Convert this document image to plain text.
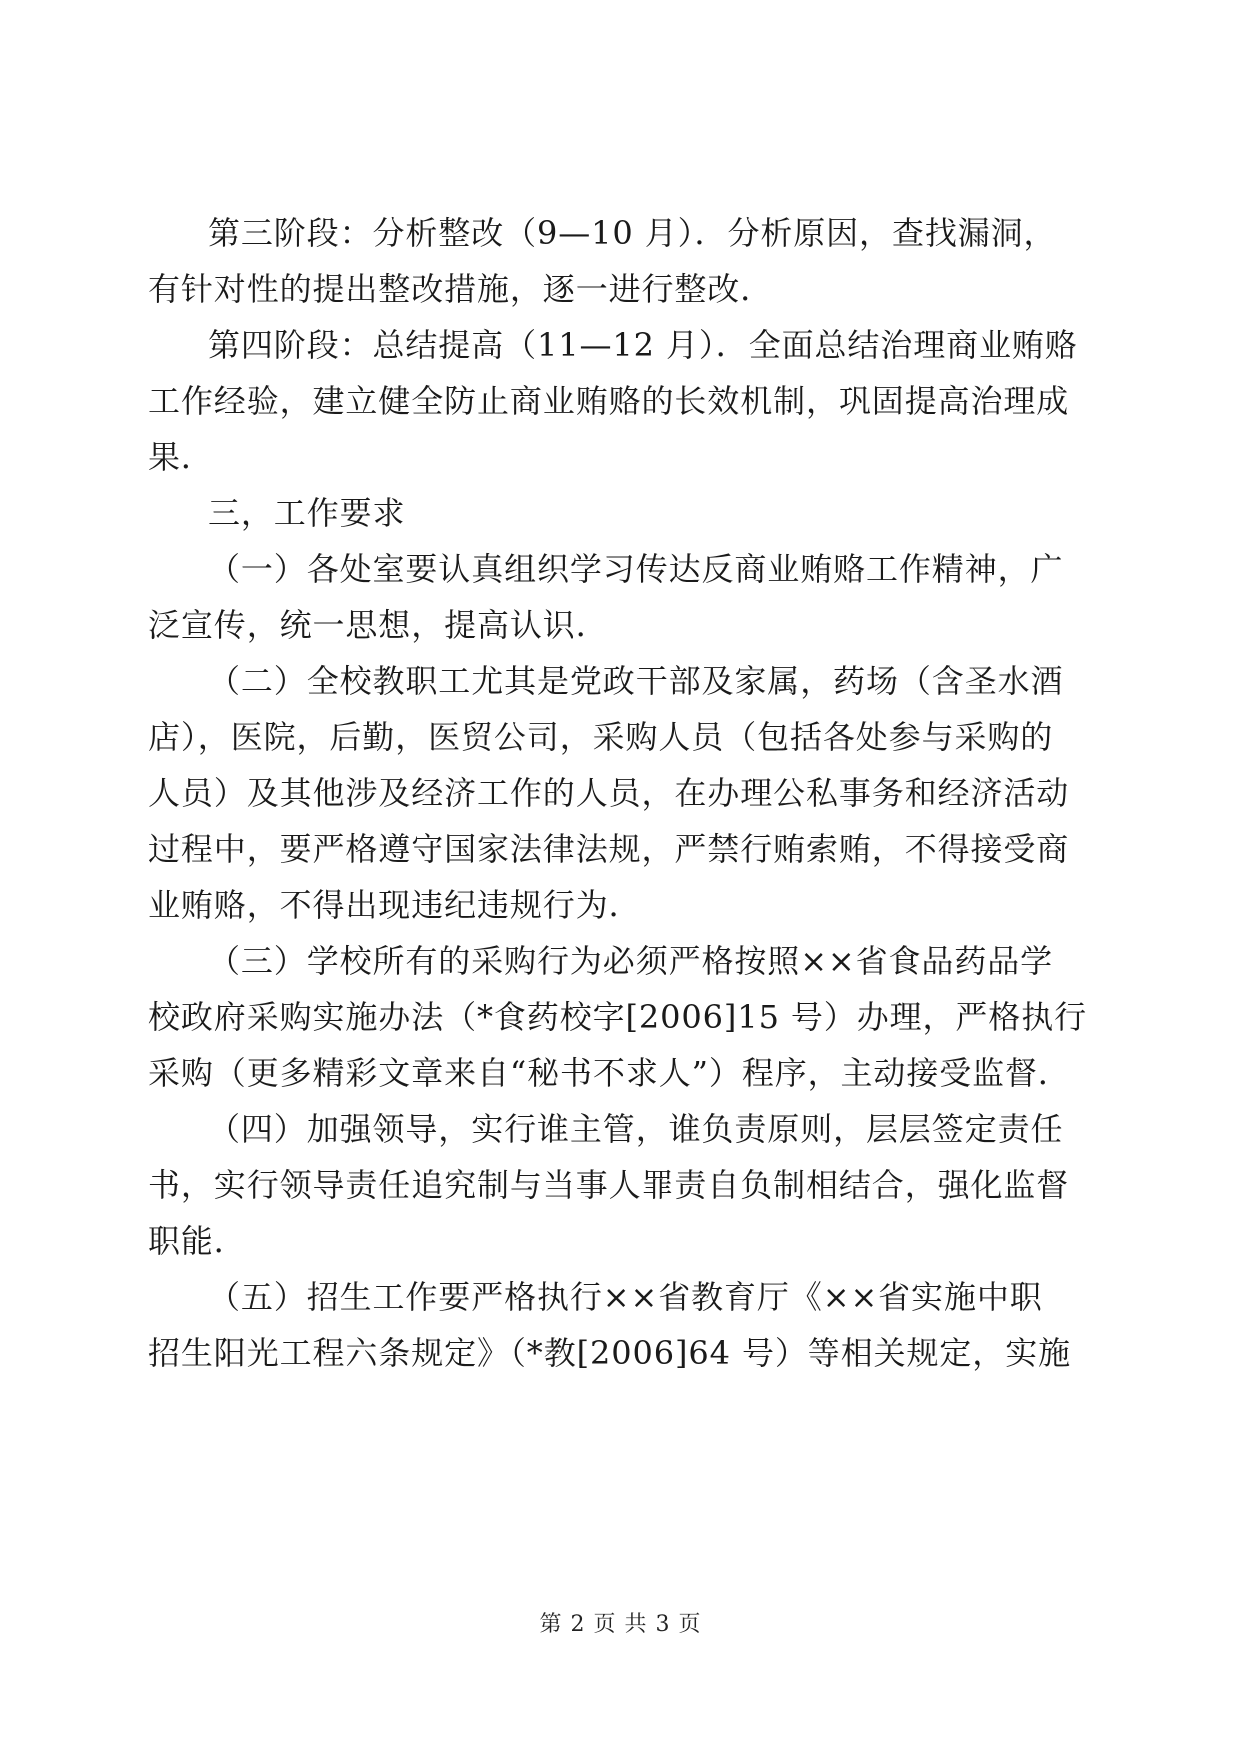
第三阶段：分析整改（9—10 月）．分析原因，查找漏洞，
有针对性的提出整改措施，逐一进行整改．
第四阶段：总结提高（11—12 月）．全面总结治理商业贿赂
工作经验，建立健全防止商业贿赂的长效机制，巩固提高治理成
果．
三，工作要求
（一）各处室要认真组织学习传达反商业贿赂工作精神，广
泛宣传，统一思想，提高认识．
（二）全校教职工尤其是党政干部及家属，药场（含圣水酒
店），医院，后勤，医贸公司，采购人员（包括各处参与采购的
人员）及其他涉及经济工作的人员，在办理公私事务和经济活动
过程中，要严格遵守国家法律法规，严禁行贿索贿，不得接受商
业贿赂，不得出现违纪违规行为．
（三）学校所有的采购行为必须严格按照××省食品药品学
校政府采购实施办法（*食药校字[2006]15 号）办理，严格执行
采购（更多精彩文章来自“秘书不求人”）程序，主动接受监督．
（四）加强领导，实行谁主管，谁负责原则，层层签定责任
书，实行领导责任追究制与当事人罪责自负制相结合，强化监督
职能．
（五）招生工作要严格执行××省教育厅《××省实施中职
招生阳光工程六条规定》（*教[2006]64 号）等相关规定，实施
第 2 页 共 3 页
